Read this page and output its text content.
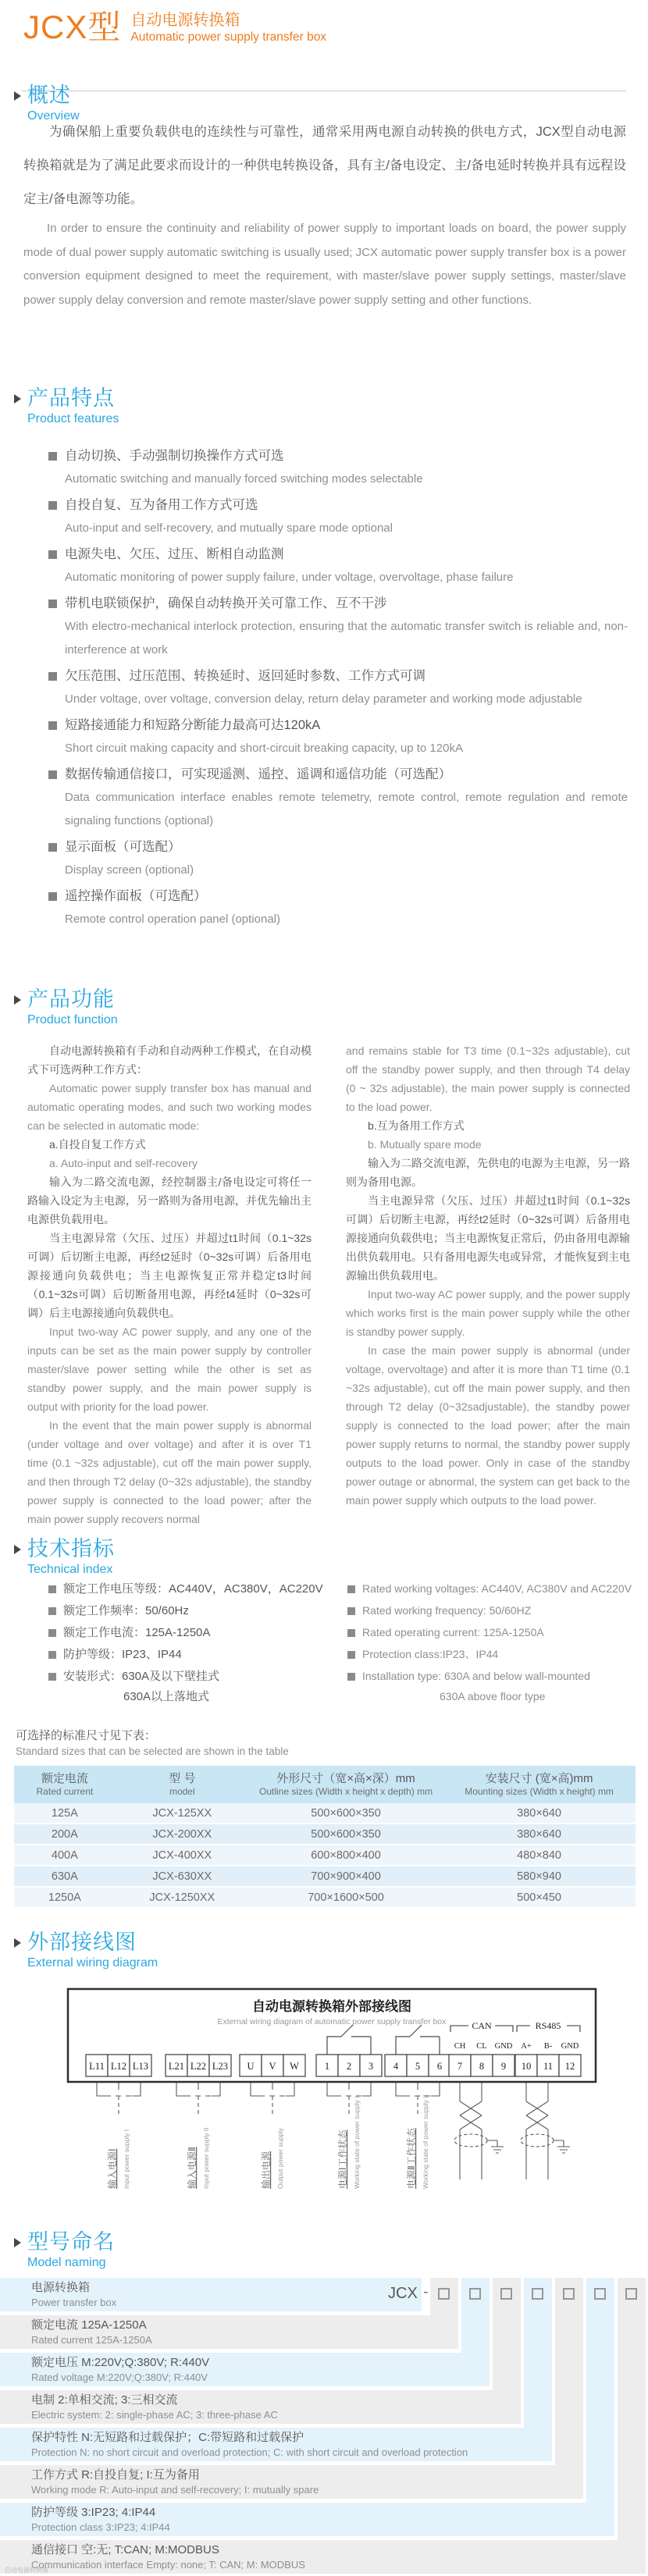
JCX型 自动电源转换箱
Automatic power supply transfer box
概述
Overview
为确保船上重要负载供电的连续性与可靠性，通常采用两电源自动转换的供电方式，JCX型自动电源转换箱就是为了满足此要求而设计的一种供电转换设备，具有主/备电设定、主/备电延时转换并具有远程设定主/备电源等功能。
In order to ensure the continuity and reliability of power supply to important loads on board, the power supply mode of dual power supply automatic switching is usually used; JCX automatic power supply transfer box is a power conversion equipment designed to meet the requirement, with master/slave power supply settings, master/slave power supply delay conversion and remote master/slave power supply setting and other functions.
产品特点
Product features
自动切换、手动强制切换操作方式可选
Automatic switching and manually forced switching modes selectable
自投自复、互为备用工作方式可选
Auto-input and self-recovery, and mutually spare mode optional
电源失电、欠压、过压、断相自动监测
Automatic monitoring of power supply failure, under voltage, overvoltage, phase failure
带机电联锁保护，确保自动转换开关可靠工作、互不干涉
With electro-mechanical interlock protection, ensuring that the automatic transfer switch is reliable and, non-interference at work
欠压范围、过压范围、转换延时、返回延时参数、工作方式可调
Under voltage, over voltage, conversion delay, return delay parameter and working mode adjustable
短路接通能力和短路分断能力最高可达120kA
Short circuit making capacity and short-circuit breaking capacity, up to 120kA
数据传输通信接口，可实现遥测、遥控、遥调和遥信功能（可选配）
Data communication interface enables remote telemetry, remote control, remote regulation and remote signaling functions (optional)
显示面板（可选配）
Display screen (optional)
遥控操作面板（可选配）
Remote control operation panel (optional)
产品功能
Product function

自动电源转换箱有手动和自动两种工作模式，在自动模式下可选两种工作方式：

Automatic power supply transfer box has manual and automatic operating modes, and such two working modes can be selected in automatic mode:

a.自投自复工作方式

a. Auto-input and self-recovery

输入为二路交流电源，经控制器主/备电设定可将任一路输入设定为主电源，另一路则为备用电源，并优先输出主电源供负载用电。

当主电源异常（欠压、过压）并超过t1时间（0.1~32s可调）后切断主电源，再经t2延时（0~32s可调）后备用电源接通向负载供电；当主电源恢复正常并稳定t3时间（0.1~32s可调）后切断备用电源，再经t4延时（0~32s可调）后主电源接通向负载供电。

Input two-way AC power supply, and any one of the inputs can be set as the main power supply by controller master/slave power setting while the other is set as standby power supply, and the main power supply is output with priority for the load power.

In the event that the main power supply is abnormal (under voltage and over voltage) and after it is over T1 time (0.1 ~32s adjustable), cut off the main power supply, and then through T2 delay (0~32s adjustable), the standby power supply is connected to the load power; after the main power supply recovers normal

and remains stable for T3 time (0.1~32s adjustable), cut off the standby power supply, and then through T4 delay (0 ~ 32s adjustable), the main power supply is connected to the load power.

b.互为备用工作方式

b. Mutually spare mode

输入为二路交流电源，先供电的电源为主电源，另一路则为备用电源。

当主电源异常（欠压、过压）并超过t1时间（0.1~32s可调）后切断主电源，再经t2延时（0~32s可调）后备用电源接通向负载供电；当主电源恢复正常后，仍由备用电源输出供负载用电。只有备用电源失电或异常，才能恢复到主电源输出供负载用电。

Input two-way AC power supply, and the power supply which works first is the main power supply while the other is standby power supply.

In case the main power supply is abnormal (under voltage, overvoltage) and after it is more than T1 time (0.1 ~32s adjustable), cut off the main power supply, and then through T2 delay (0~32sadjustable), the standby power supply is connected to the load power; after the main power supply returns to normal, the standby power supply outputs to the load power. Only in case of the standby power outage or abnormal, the system can get back to the main power supply which outputs to the load power.

技术指标
Technical index
额定工作电压等级：AC440V，AC380V，AC220V
额定工作频率：50/60Hz
额定工作电流：125A-1250A
防护等级：IP23、IP44
安装形式：630A及以下壁挂式
630A以上落地式
Rated working voltages: AC440V, AC380V and AC220V
Rated working frequency: 50/60HZ
Rated operating current: 125A-1250A
Protection class:IP23、IP44
Installation type: 630A and below wall-mounted
630A above floor type
可选择的标准尺寸见下表：
Standard sizes that can be selected are shown in the table
额定电流
Rated current
型 号
model
外形尺寸（宽×高×深）mm
Outline sizes (Width x height x depth) mm
安装尺寸 (宽×高)mm
Mounting sizes (Width x height) mm
125A	JCX-125XX	500×600×350	380×640
200A	JCX-200XX	500×600×350	380×640
400A	JCX-400XX	600×800×400	480×840
630A	JCX-630XX	700×900×400	580×940
1250A	JCX-1250XX	700×1600×500	500×450
外部接线图
External wiring diagram
自动电源转换箱外部接线图
External wiring diagram of automatic power supply transfer box	CAN	RS485
CH CL GND A+ B- GND
L11 L12 L13 L21 L22 L23 U V W	1 2 3 4 5 6 7 8 9 10 11 12
输入电源Ⅰ Input power supply I	输入电源Ⅱ Input power supply II	输出电源 Output power supply	电源Ⅰ工作状态 Working state of power supply I	电源Ⅱ工作状态 Working state of power supply II
型号命名
Model naming
电源转换箱
Power transfer box
额定电流 125A-1250A
Rated current 125A-1250A
额定电压 M:220V;Q:380V; R:440V
Rated voltage M:220V;Q:380V; R:440V
电制 2:单相交流; 3:三相交流
Electric system: 2: single-phase AC; 3: three-phase AC
保护特性 N:无短路和过载保护；C:带短路和过载保护
Protection N: no short circuit and overload protection; C: with short circuit and overload protection
工作方式 R:自投自复; I:互为备用
Working mode R: Auto-input and self-recovery; I: mutually spare
防护等级 3:IP23; 4:IP44
Protection class 3:IP23; 4:IP44
通信接口 空:无; T:CAN; M:MODBUS
Communication interface Empty: none; T: CAN; M: MODBUS
JCX -
自动电源转换箱
